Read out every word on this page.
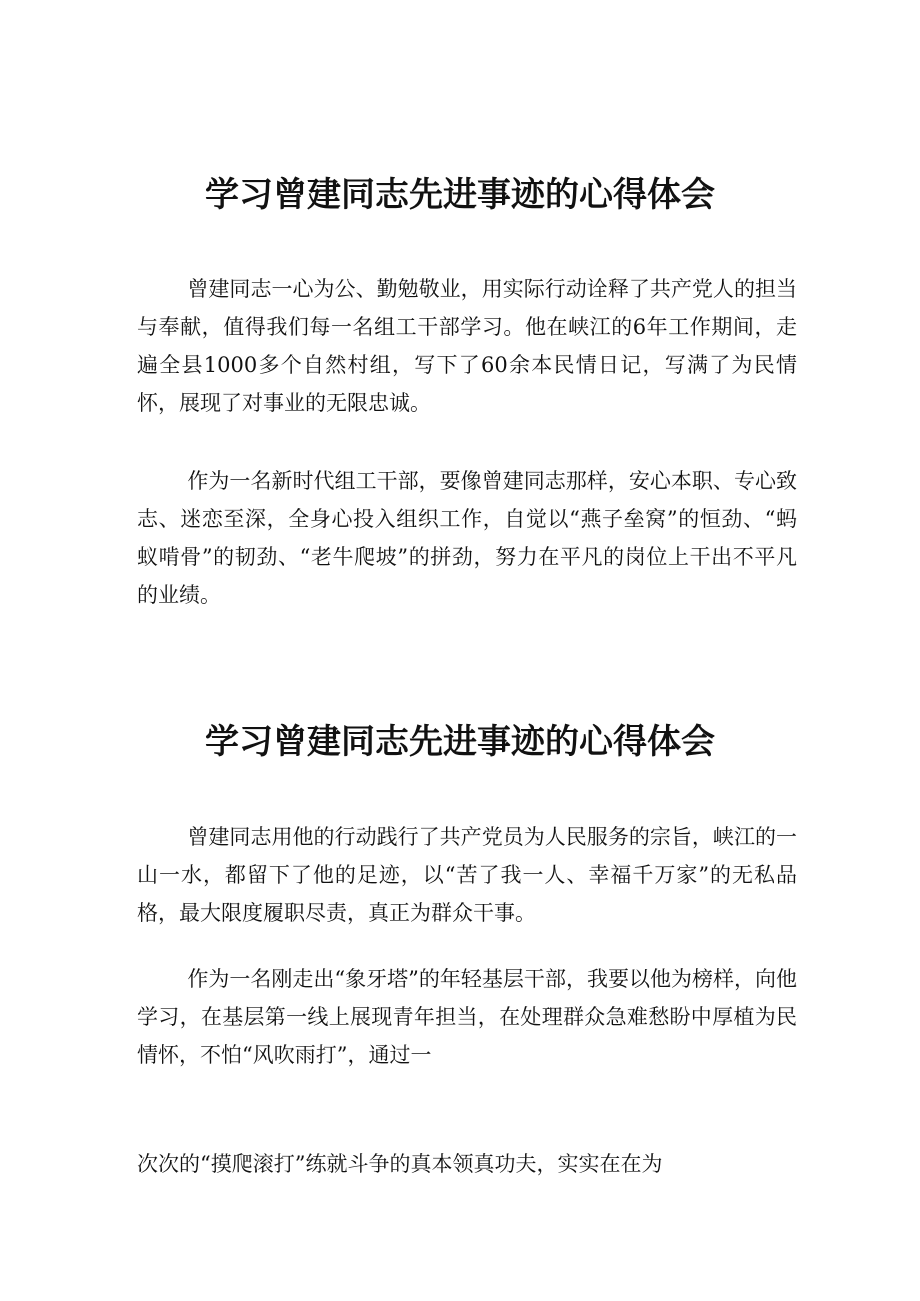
学习曾建同志先进事迹的心得体会

曾建同志一心为公、勤勉敬业，用实际行动诠释了共产党人的担当与奉献，值得我们每一名组工干部学习。他在峡江的6年工作期间，走遍全县1000多个自然村组，写下了60余本民情日记，写满了为民情怀，展现了对事业的无限忠诚。

作为一名新时代组工干部，要像曾建同志那样，安心本职、专心致志、迷恋至深，全身心投入组织工作，自觉以“燕子垒窝”的恒劲、“蚂蚁啃骨”的韧劲、“老牛爬坡”的拼劲，努力在平凡的岗位上干出不平凡的业绩。

学习曾建同志先进事迹的心得体会

曾建同志用他的行动践行了共产党员为人民服务的宗旨，峡江的一山一水，都留下了他的足迹，以“苦了我一人、幸福千万家”的无私品格，最大限度履职尽责，真正为群众干事。

作为一名刚走出“象牙塔”的年轻基层干部，我要以他为榜样，向他学习，在基层第一线上展现青年担当，在处理群众急难愁盼中厚植为民情怀，不怕“风吹雨打”，通过一

次次的“摸爬滚打”练就斗争的真本领真功夫，实实在在为
